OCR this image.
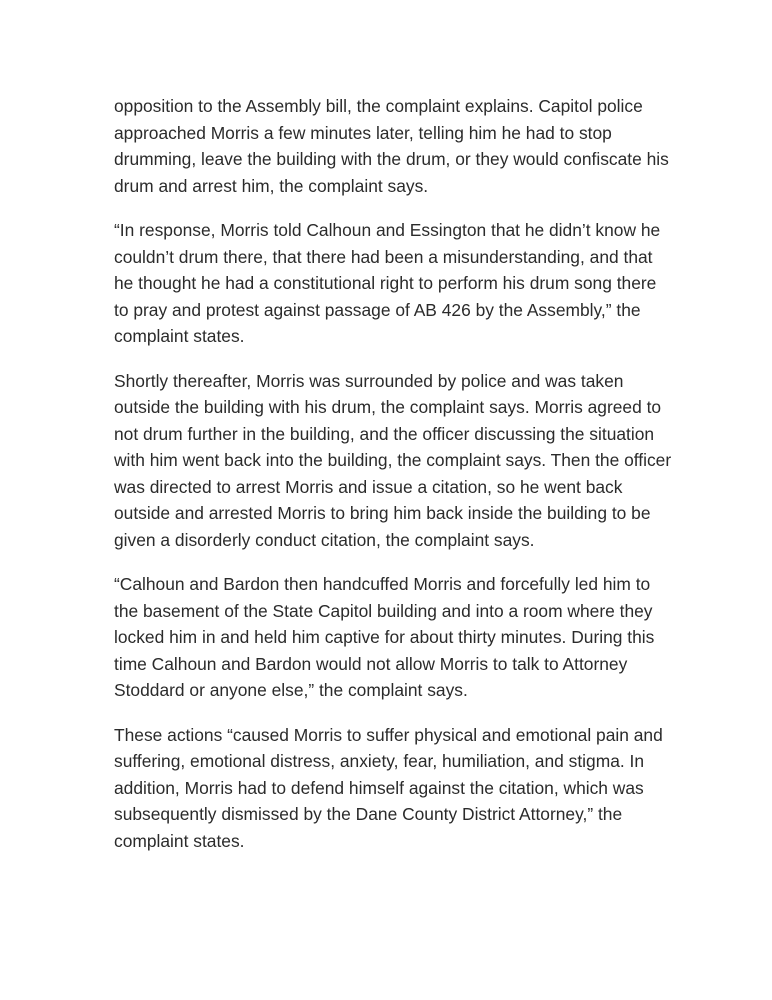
opposition to the Assembly bill, the complaint explains. Capitol police approached Morris a few minutes later, telling him he had to stop drumming, leave the building with the drum, or they would confiscate his drum and arrest him, the complaint says.

“In response, Morris told Calhoun and Essington that he didn’t know he couldn’t drum there, that there had been a misunderstanding, and that he thought he had a constitutional right to perform his drum song there to pray and protest against passage of AB 426 by the Assembly,” the complaint states.

Shortly thereafter, Morris was surrounded by police and was taken outside the building with his drum, the complaint says. Morris agreed to not drum further in the building, and the officer discussing the situation with him went back into the building, the complaint says. Then the officer was directed to arrest Morris and issue a citation, so he went back outside and arrested Morris to bring him back inside the building to be given a disorderly conduct citation, the complaint says.

“Calhoun and Bardon then handcuffed Morris and forcefully led him to the basement of the State Capitol building and into a room where they locked him in and held him captive for about thirty minutes. During this time Calhoun and Bardon would not allow Morris to talk to Attorney Stoddard or anyone else,” the complaint says.

These actions “caused Morris to suffer physical and emotional pain and suffering, emotional distress, anxiety, fear, humiliation, and stigma. In addition, Morris had to defend himself against the citation, which was subsequently dismissed by the Dane County District Attorney,” the complaint states.
